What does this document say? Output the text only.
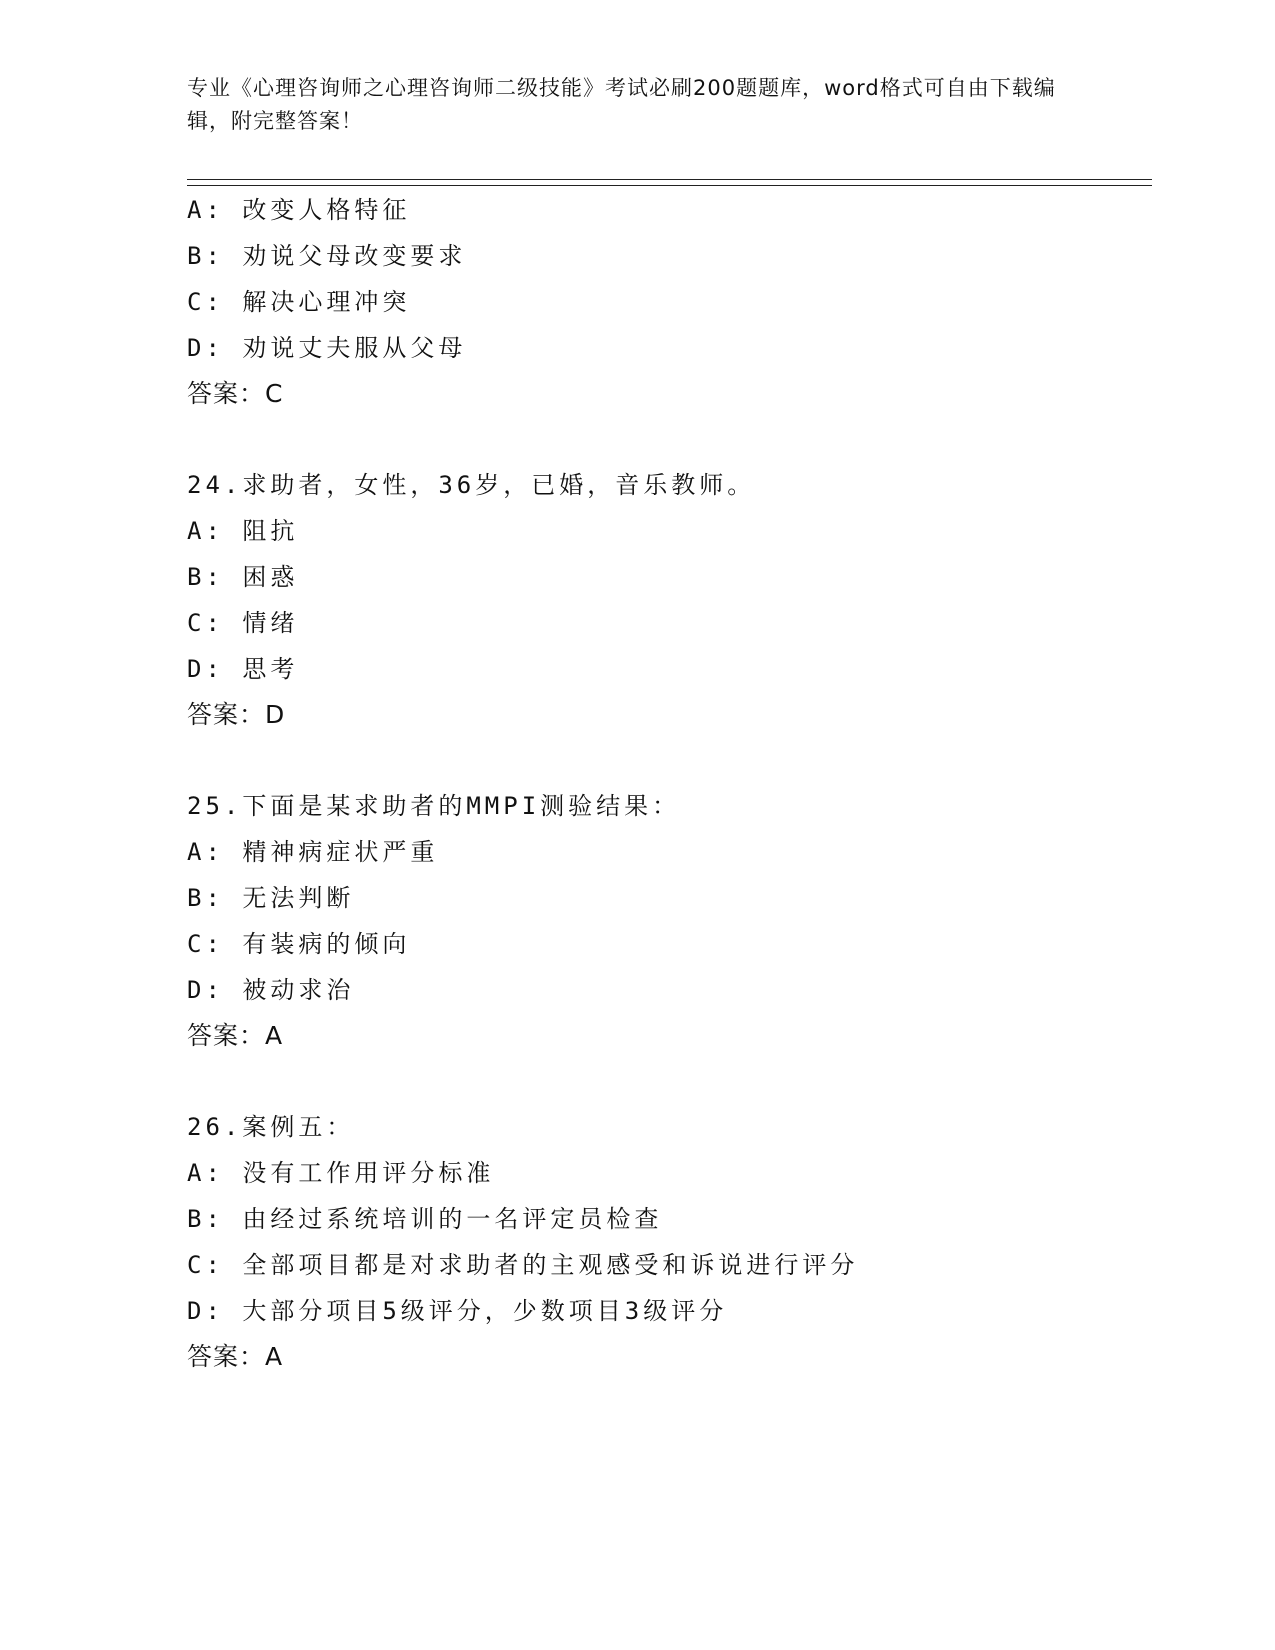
专业《心理咨询师之心理咨询师二级技能》考试必刷200题题库，word格式可自由下载编辑，附完整答案！
A: 改变人格特征
B: 劝说父母改变要求
C: 解决心理冲突
D: 劝说丈夫服从父母
答案：C
24.求助者，女性，36岁，已婚，音乐教师。
A: 阻抗
B: 困惑
C: 情绪
D: 思考
答案：D
25.下面是某求助者的MMPI测验结果：
A: 精神病症状严重
B: 无法判断
C: 有装病的倾向
D: 被动求治
答案：A
26.案例五：
A: 没有工作用评分标准
B: 由经过系统培训的一名评定员检查
C: 全部项目都是对求助者的主观感受和诉说进行评分
D: 大部分项目5级评分，少数项目3级评分
答案：A
